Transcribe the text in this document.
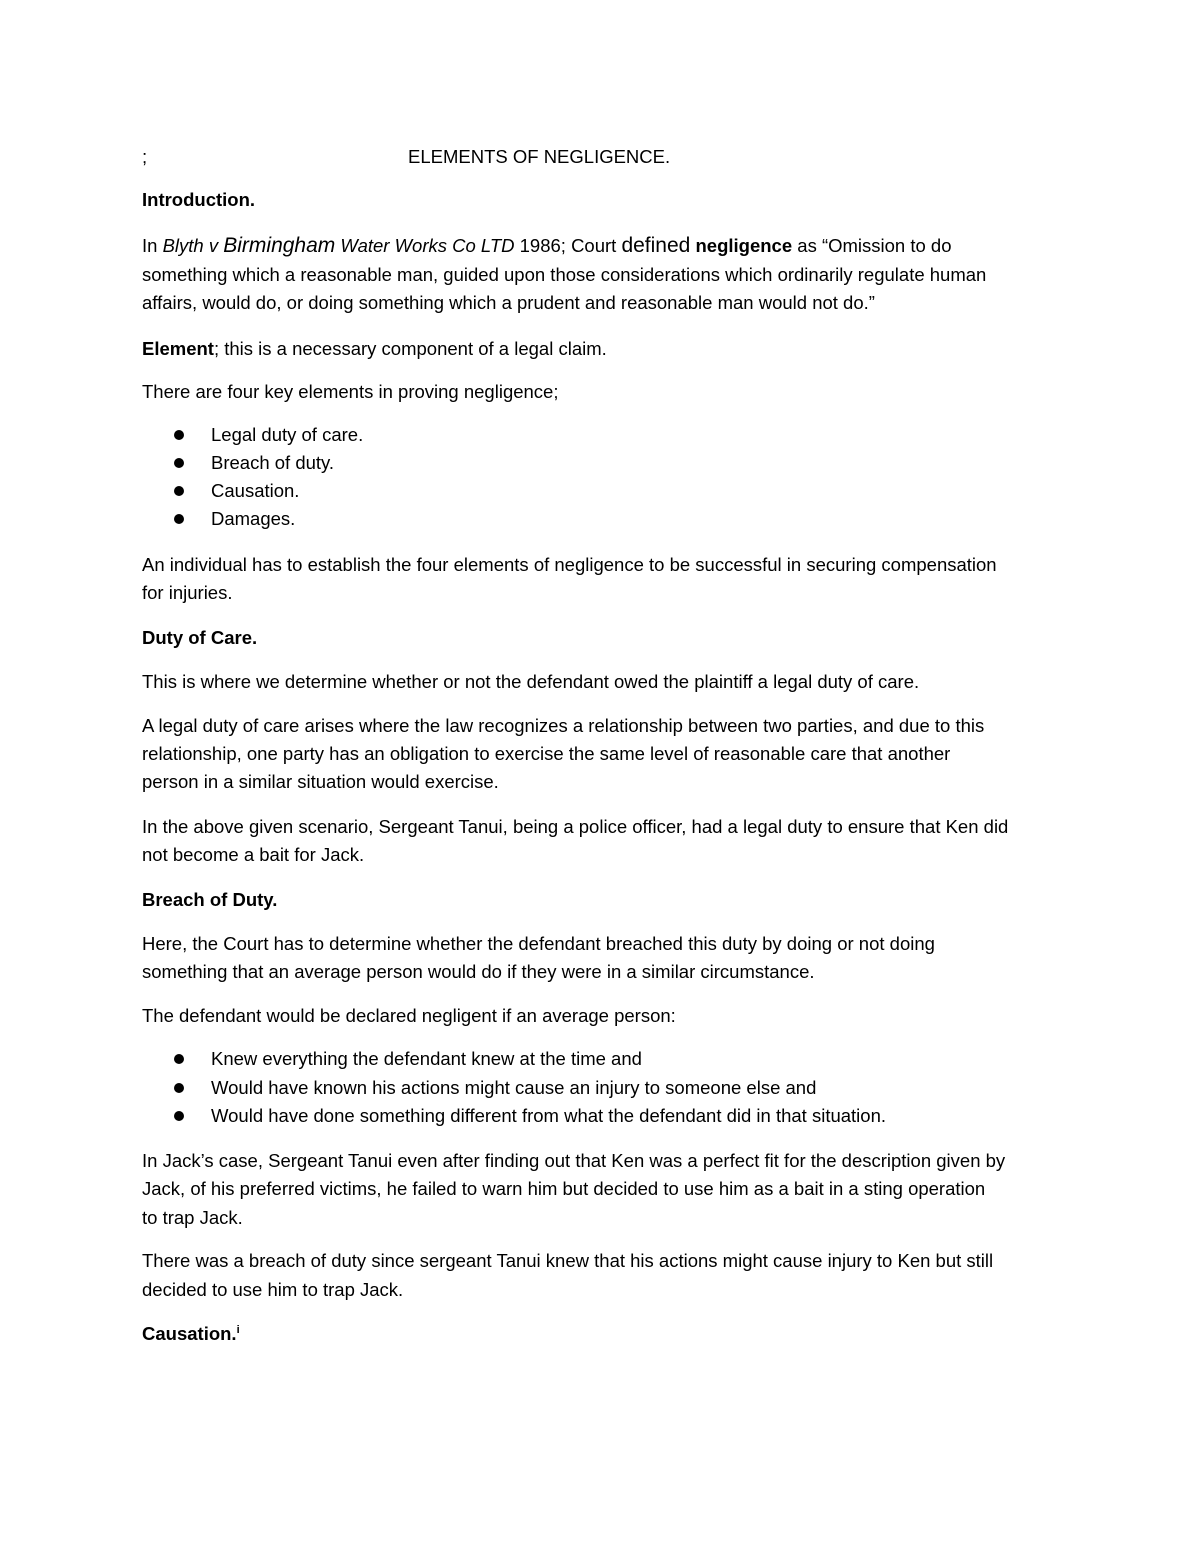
;	ELEMENTS OF NEGLIGENCE.
Introduction.
In Blyth v Birmingham Water Works Co LTD 1986; Court defined negligence as “Omission to do
something which a reasonable man, guided upon those considerations which ordinarily regulate human
affairs, would do, or doing something which a prudent and reasonable man would not do.”
Element; this is a necessary component of a legal claim.
There are four key elements in proving negligence;
Legal duty of care.
Breach of duty.
Causation.
Damages.
An individual has to establish the four elements of negligence to be successful in securing compensation
for injuries.
Duty of Care.
This is where we determine whether or not the defendant owed the plaintiff a legal duty of care.
A legal duty of care arises where the law recognizes a relationship between two parties, and due to this
relationship, one party has an obligation to exercise the same level of reasonable care that another
person in a similar situation would exercise.
In the above given scenario, Sergeant Tanui, being a police officer, had a legal duty to ensure that Ken did
not become a bait for Jack.
Breach of Duty.
Here, the Court has to determine whether the defendant breached this duty by doing or not doing
something that an average person would do if they were in a similar circumstance.
The defendant would be declared negligent if an average person:
Knew everything the defendant knew at the time and
Would have known his actions might cause an injury to someone else and
Would have done something different from what the defendant did in that situation.
In Jack’s case, Sergeant Tanui even after finding out that Ken was a perfect fit for the description given by
Jack, of his preferred victims, he failed to warn him but decided to use him as a bait in a sting operation
to trap Jack.
There was a breach of duty since sergeant Tanui knew that his actions might cause injury to Ken but still
decided to use him to trap Jack.
Causation.$^i$
